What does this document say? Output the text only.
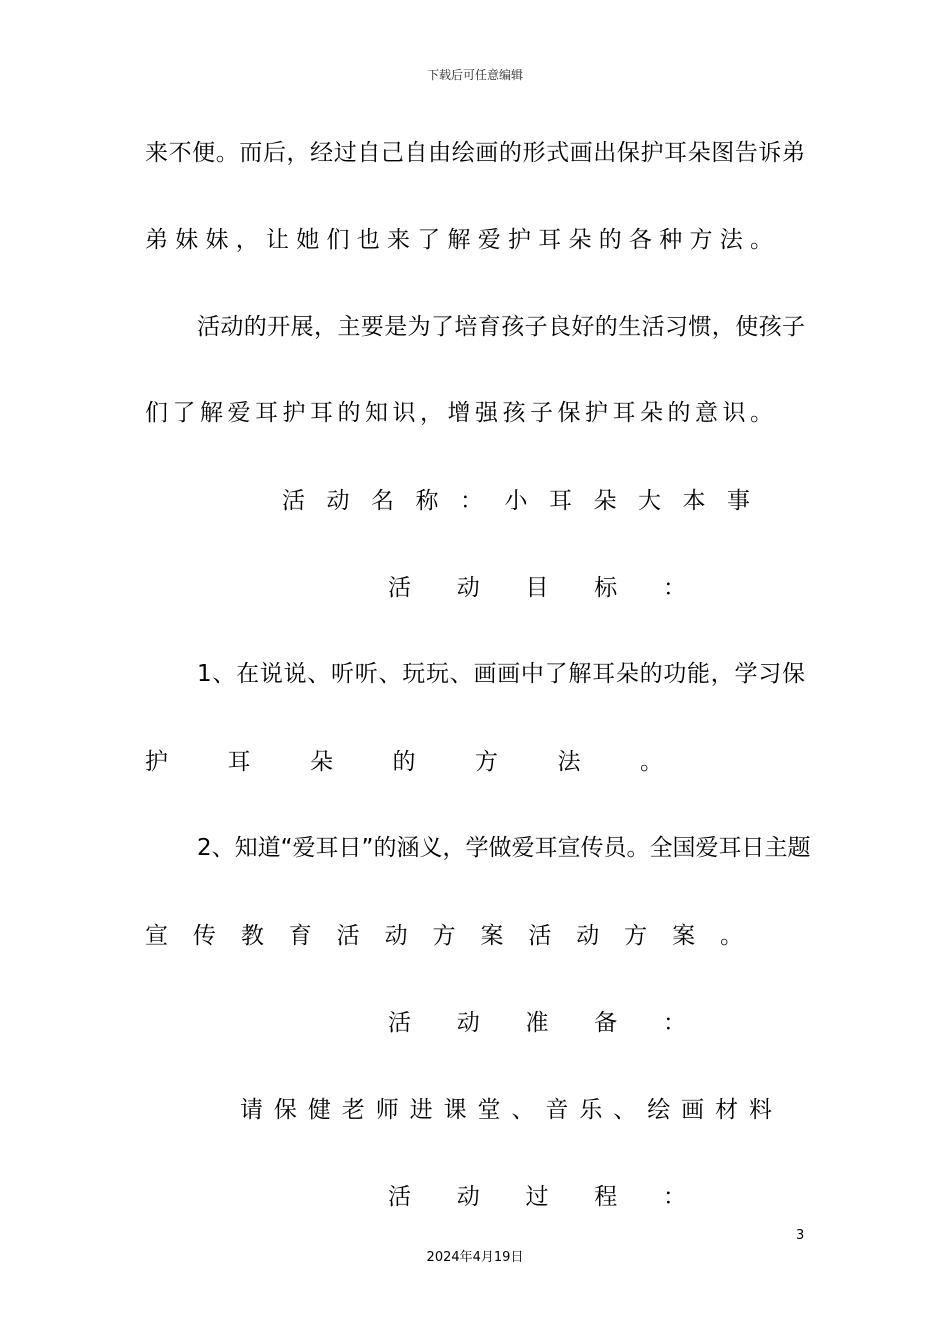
下载后可任意编辑
来不便。而后，经过自己自由绘画的形式画出保护耳朵图告诉弟
弟妹妹，让她们也来了解爱护耳朵的各种方法。
活动的开展，主要是为了培育孩子良好的生活习惯，使孩子
们了解爱耳护耳的知识，增强孩子保护耳朵的意识。
活动名称：小耳朵大本事
活动目标：
1、在说说、听听、玩玩、画画中了解耳朵的功能，学习保
护耳朵的方法。
2、知道“爱耳日”的涵义，学做爱耳宣传员。全国爱耳日主题
宣传教育活动方案活动方案。
活动准备：
请保健老师进课堂、音乐、绘画材料
活动过程：
3
2024年4月19日
